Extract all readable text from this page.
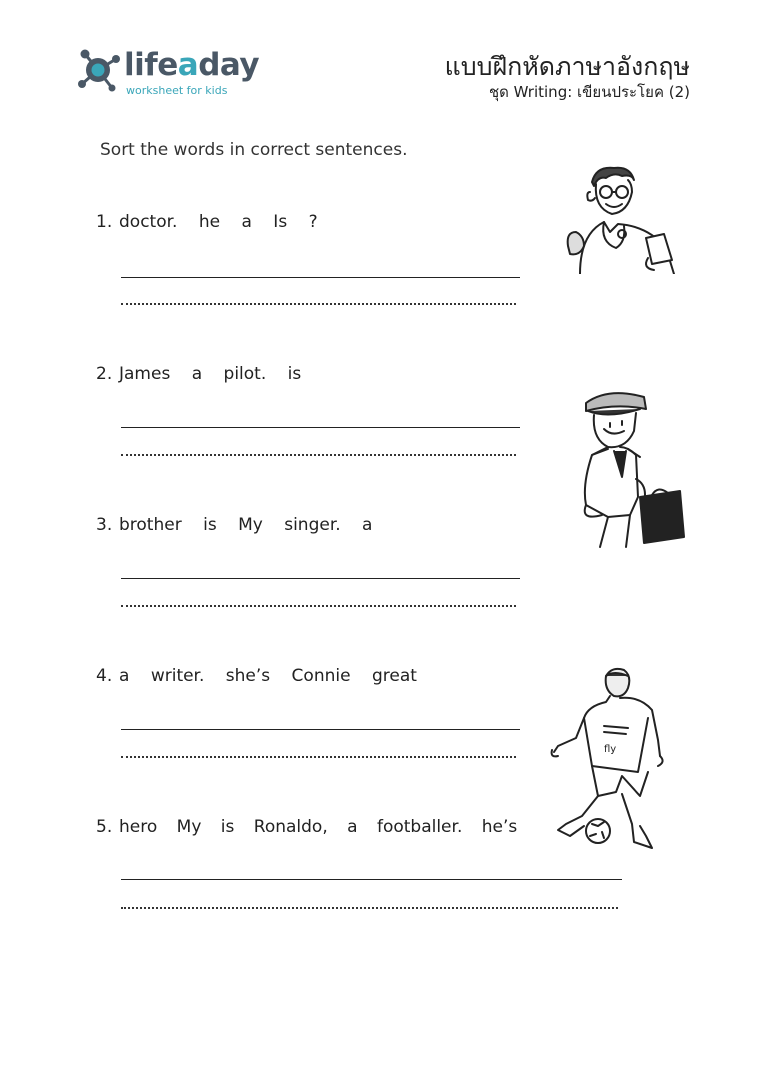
lifeaday
worksheet for kids
แบบฝึกหัดภาษาอังกฤษ
ชุด Writing: เขียนประโยค (2)
Sort the words in correct sentences.
1. doctor. he a Is ?
2. James a pilot. is
3. brother is My singer. a
4. a writer. she’s Connie great
5. hero My is Ronaldo, a footballer. he’s
fly
